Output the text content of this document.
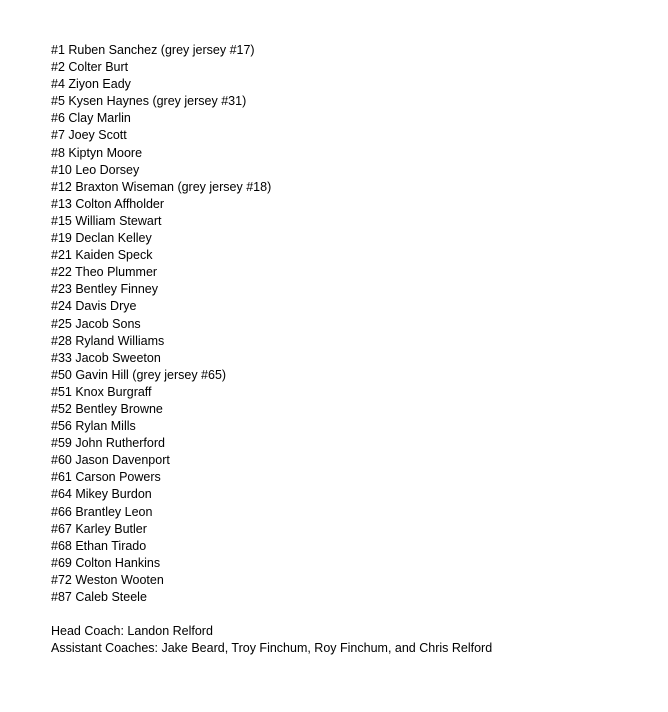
#1 Ruben Sanchez (grey jersey #17)
#2 Colter Burt
#4 Ziyon Eady
#5 Kysen Haynes (grey jersey #31)
#6 Clay Marlin
#7 Joey Scott
#8 Kiptyn Moore
#10 Leo Dorsey
#12 Braxton Wiseman (grey jersey #18)
#13 Colton Affholder
#15 William Stewart
#19 Declan Kelley
#21 Kaiden Speck
#22 Theo Plummer
#23 Bentley Finney
#24 Davis Drye
#25 Jacob Sons
#28 Ryland Williams
#33 Jacob Sweeton
#50 Gavin Hill (grey jersey #65)
#51 Knox Burgraff
#52 Bentley Browne
#56 Rylan Mills
#59 John Rutherford
#60 Jason Davenport
#61 Carson Powers
#64 Mikey Burdon
#66 Brantley Leon
#67 Karley Butler
#68 Ethan Tirado
#69 Colton Hankins
#72 Weston Wooten
#87 Caleb Steele
Head Coach: Landon Relford
Assistant Coaches: Jake Beard, Troy Finchum, Roy Finchum, and Chris Relford
